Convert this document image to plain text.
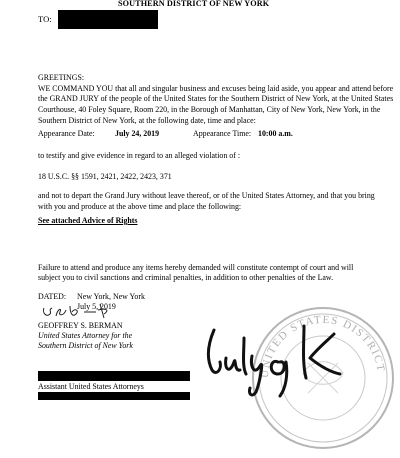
SOUTHERN DISTRICT OF NEW YORK
TO:
GREETINGS:
WE COMMAND YOU that all and singular business and excuses being laid aside, you appear and attend before
the GRAND JURY of the people of the United States for the Southern District of New York, at the United States
Courthouse, 40 Foley Square, Room 220, in the Borough of Manhattan, City of New York, New York, in the
Southern District of New York, at the following date, time and place:
Appearance Date:	July 24, 2019	Appearance Time: 10:00 a.m.
to testify and give evidence in regard to an alleged violation of :
18 U.S.C. §§ 1591, 2421, 2422, 2423, 371
and not to depart the Grand Jury without leave thereof, or of the United States Attorney, and that you bring
with you and produce at the above time and place the following:
See attached Advice of Rights
Failure to attend and produce any items hereby demanded will constitute contempt of court and will
subject you to civil sanctions and criminal penalties, in addition to other penalties of the Law.
DATED: New York, New York
July 5, 2019
GEOFFREY S. BERMAN
United States Attorney for the
Southern District of New York
UNITED STATES DISTRICT
Assistant United States Attorneys
